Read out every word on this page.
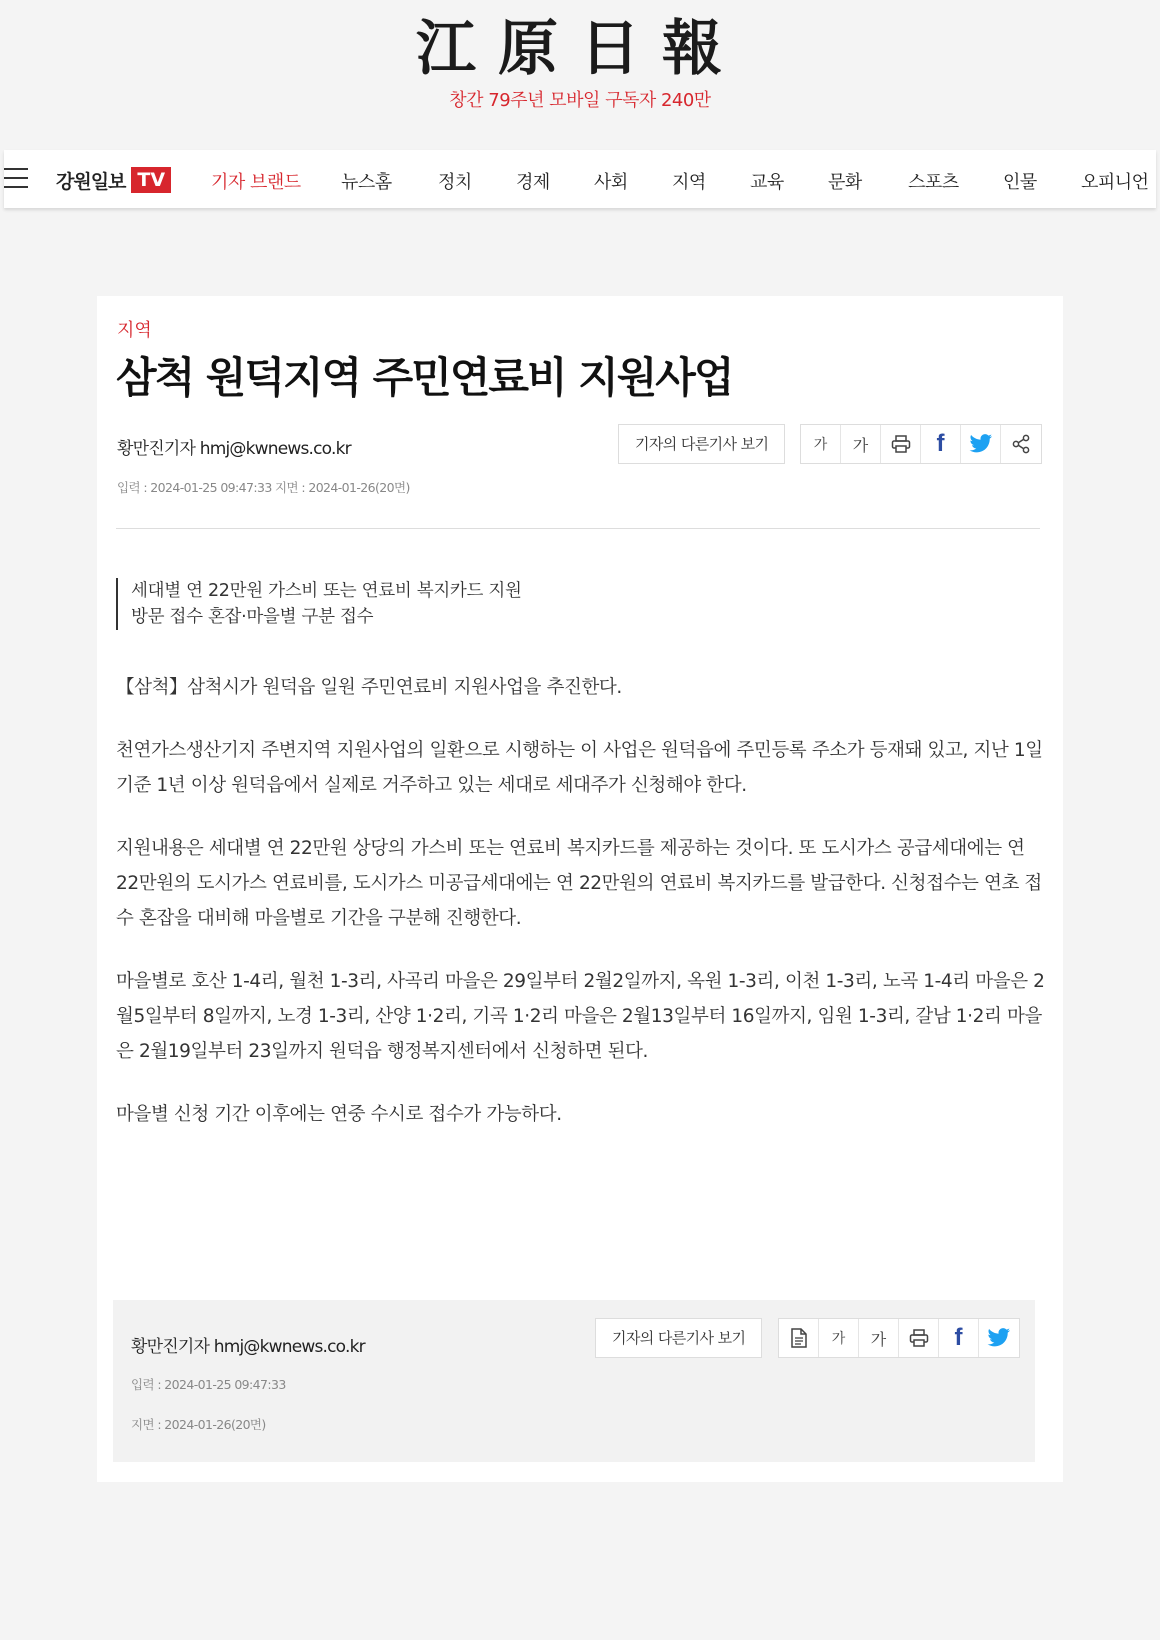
江原日報
창간 79주년 모바일 구독자 240만
강원일보 TV	기자 브랜드 뉴스홈	정치 경제 사회 지역 교육 문화	스포츠 인물 오피니언
지역
삼척 원덕지역 주민연료비 지원사업
황만진기자 hmj@kwnews.co.kr	기자의 다른기사 보기	가	가	f
입력 : 2024-01-25 09:47:33 지면 : 2024-01-26(20면)
세대별 연 22만원 가스비 또는 연료비 복지카드 지원
방문 접수 혼잡·마을별 구분 접수

【삼척】삼척시가 원덕읍 일원 주민연료비 지원사업을 추진한다.

천연가스생산기지 주변지역 지원사업의 일환으로 시행하는 이 사업은 원덕읍에 주민등록 주소가 등재돼 있고, 지난 1일 기준 1년 이상 원덕읍에서 실제로 거주하고 있는 세대로 세대주가 신청해야 한다.

지원내용은 세대별 연 22만원 상당의 가스비 또는 연료비 복지카드를 제공하는 것이다. 또 도시가스 공급세대에는 연 22만원의 도시가스 연료비를, 도시가스 미공급세대에는 연 22만원의 연료비 복지카드를 발급한다. 신청접수는 연초 접수 혼잡을 대비해 마을별로 기간을 구분해 진행한다.

마을별로 호산 1-4리, 월천 1-3리, 사곡리 마을은 29일부터 2월2일까지, 옥원 1-3리, 이천 1-3리, 노곡 1-4리 마을은 2월5일부터 8일까지, 노경 1-3리, 산양 1·2리, 기곡 1·2리 마을은 2월13일부터 16일까지, 임원 1-3리, 갈남 1·2리 마을은 2월19일부터 23일까지 원덕읍 행정복지센터에서 신청하면 된다.

마을별 신청 기간 이후에는 연중 수시로 접수가 가능하다.

황만진기자 hmj@kwnews.co.kr
입력 : 2024-01-25 09:47:33
지면 : 2024-01-26(20면)
기자의 다른기사 보기	가	가	f
